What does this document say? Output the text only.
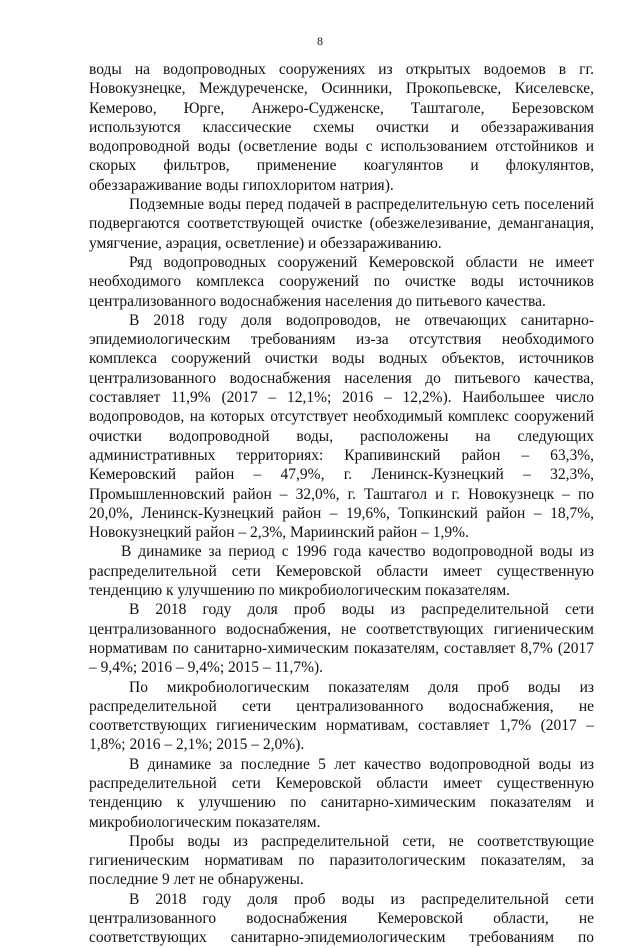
8

воды на водопроводных сооружениях из открытых водоемов в гг. Новокузнецке, Междуреченске, Осинники, Прокопьевске, Киселевске, Кемерово, Юрге, Анжеро-Судженске, Таштаголе, Березовском используются классические схемы очистки и обеззараживания водопроводной воды (осветление воды с использованием отстойников и скорых фильтров, применение коагулянтов и флокулянтов, обеззараживание воды гипохлоритом натрия).

Подземные воды перед подачей в распределительную сеть поселений подвергаются соответствующей очистке (обезжелезивание, деманганация, умягчение, аэрация, осветление) и обеззараживанию.

Ряд водопроводных сооружений Кемеровской области не имеет необходимого комплекса сооружений по очистке воды источников централизованного водоснабжения населения до питьевого качества.

В 2018 году доля водопроводов, не отвечающих санитарно-эпидемиологическим требованиям из-за отсутствия необходимого комплекса сооружений очистки воды водных объектов, источников централизованного водоснабжения населения до питьевого качества, составляет 11,9% (2017 – 12,1%; 2016 – 12,2%). Наибольшее число водопроводов, на которых отсутствует необходимый комплекс сооружений очистки водопроводной воды, расположены на следующих административных территориях: Крапивинский район – 63,3%, Кемеровский район – 47,9%, г. Ленинск-Кузнецкий – 32,3%, Промышленновский район – 32,0%, г. Таштагол и г. Новокузнецк – по 20,0%, Ленинск-Кузнецкий район – 19,6%, Топкинский район – 18,7%, Новокузнецкий район – 2,3%, Мариинский район – 1,9%.

В динамике за период с 1996 года качество водопроводной воды из распределительной сети Кемеровской области имеет существенную тенденцию к улучшению по микробиологическим показателям.

В 2018 году доля проб воды из распределительной сети централизованного водоснабжения, не соответствующих гигиеническим нормативам по санитарно-химическим показателям, составляет 8,7% (2017 – 9,4%; 2016 – 9,4%; 2015 – 11,7%).

По микробиологическим показателям доля проб воды из распределительной сети централизованного водоснабжения, не соответствующих гигиеническим нормативам, составляет 1,7% (2017 – 1,8%; 2016 – 2,1%; 2015 – 2,0%).

В динамике за последние 5 лет качество водопроводной воды из распределительной сети Кемеровской области имеет существенную тенденцию к улучшению по санитарно-химическим показателям и микробиологическим показателям.

Пробы воды из распределительной сети, не соответствующие гигиеническим нормативам по паразитологическим показателям, за последние 9 лет не обнаружены.

В 2018 году доля проб воды из распределительной сети централизованного водоснабжения Кемеровской области, не соответствующих санитарно-эпидемиологическим требованиям по
